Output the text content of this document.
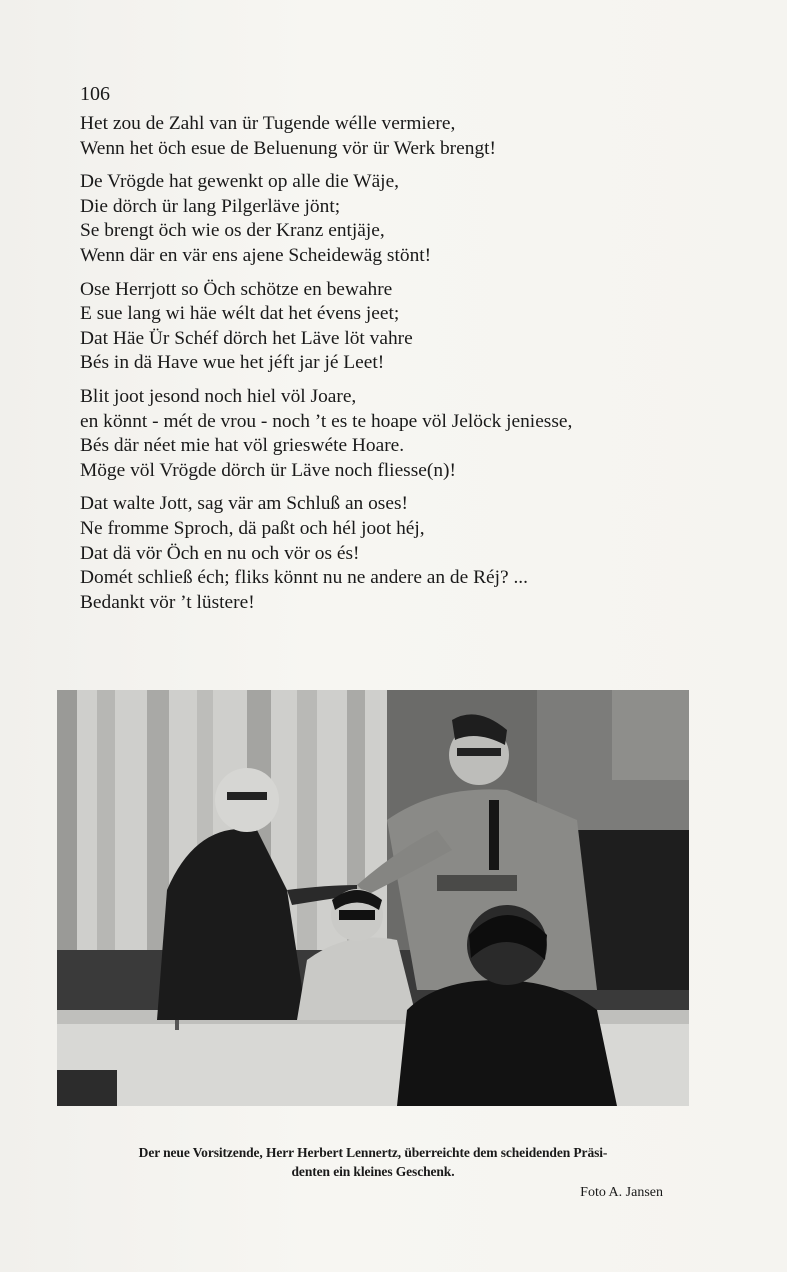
106
Het zou de Zahl van ür Tugende wélle vermiere,
Wenn het öch esue de Beluenung vör ür Werk brengt!
De Vrögde hat gewenkt op alle die Wäje,
Die dörch ür lang Pilgerläve jönt;
Se brengt öch wie os der Kranz entjäje,
Wenn där en vär ens ajene Scheidewäg stönt!
Ose Herrjott so Öch schötze en bewahre
E sue lang wi häe wélt dat het évens jeet;
Dat Häe Ür Schéf dörch het Läve löt vahre
Bés in dä Have wue het jéft jar jé Leet!
Blit joot jesond noch hiel völ Joare,
en könnt - mét de vrou - noch ’t es te hoape völ Jelöck jeniesse,
Bés där néet mie hat völ grieswéte Hoare.
Möge völ Vrögde dörch ür Läve noch fliesse(n)!
Dat walte Jott, sag vär am Schluß an oses!
Ne fromme Sproch, dä paßt och hél joot héj,
Dat dä vör Öch en nu och vör os és!
Domét schließ éch; fliks könnt nu ne andere an de Réj? ...
Bedankt vör ’t lüstere!
Der neue Vorsitzende, Herr Herbert Lennertz, überreichte dem scheidenden Präsi-
denten ein kleines Geschenk.
Foto A. Jansen
